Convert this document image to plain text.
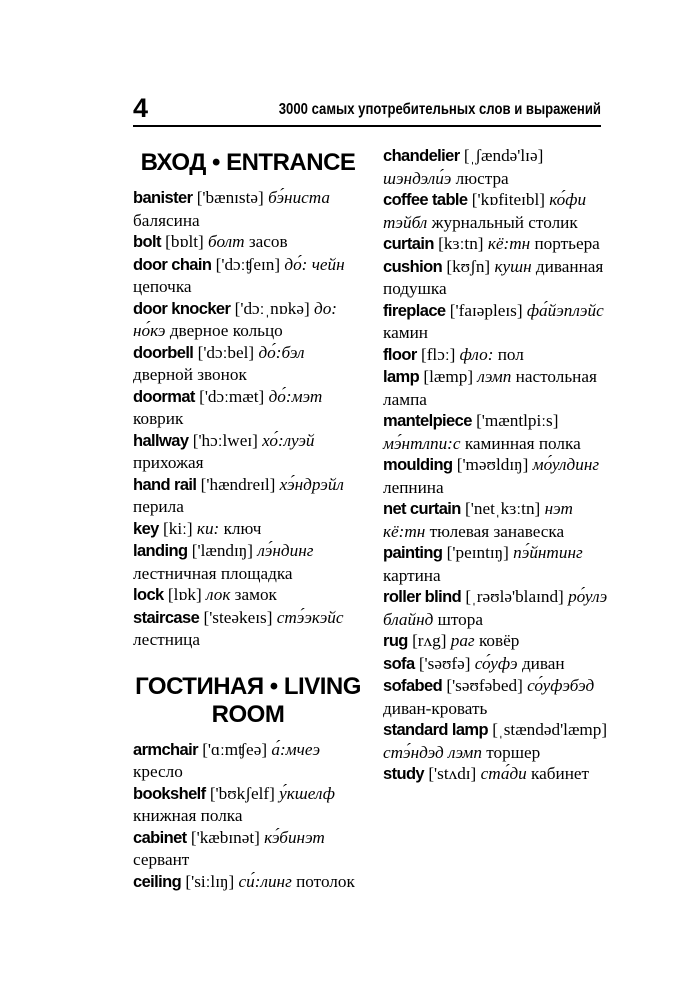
4	3000 самых употребительных слов и выражений
ВХОД • ENTRANCE
banister ['bænɪstə] бэ́ниста балясина
bolt [bɒlt] болт засов
door chain ['dɔːʧeɪn] до́: чейн цепочка
door knocker ['dɔːˌnɒkə] до: но́кэ дверное кольцо
doorbell ['dɔːbel] до́:бэл дверной звонок
doormat ['dɔːmæt] до́:мэт коврик
hallway ['hɔːlweɪ] хо́:луэй прихожая
hand rail ['hændreɪl] хэ́ндрэйл перила
key [kiː] ки: ключ
landing ['lændɪŋ] лэ́ндинг лестничная площадка
lock [lɒk] лок замок
staircase ['steəkeɪs] стэ́экэйс лестница
ГОСТИНАЯ • LIVING ROOM
armchair ['ɑːmʧeə] а́:мчеэ кресло
bookshelf ['bʊkʃelf] у́кшелф книжная полка
cabinet ['kæbɪnət] кэ́бинэт сервант
ceiling ['siːlɪŋ] си́:линг потолок
chandelier [ˌʃændə'lɪə] шэндэли́э люстра
coffee table ['kɒfiteɪbl] ко́фи тэйбл журнальный столик
curtain [kɜːtn] кё:тн портьера
cushion [kʊʃn] кушн диванная подушка
fireplace ['faɪəpleɪs] фа́йэплэйс камин
floor [flɔː] фло: пол
lamp [læmp] лэмп настольная лампа
mantelpiece ['mæntlpiːs] мэ́нтлпи:с каминная полка
moulding ['məʊldɪŋ] мо́улдинг лепнина
net curtain ['netˌkɜːtn] нэт кё:тн тюлевая занавеска
painting ['peɪntɪŋ] пэ́йнтинг картина
roller blind [ˌrəʊlə'blaɪnd] ро́улэ блайнд штора
rug [rʌg] раг ковёр
sofa ['səʊfə] со́уфэ диван
sofabed ['səʊfəbed] со́уфэбэд диван-кровать
standard lamp [ˌstændəd'læmp] стэ́ндэд лэмп торшер
study ['stʌdɪ] ста́ди кабинет
